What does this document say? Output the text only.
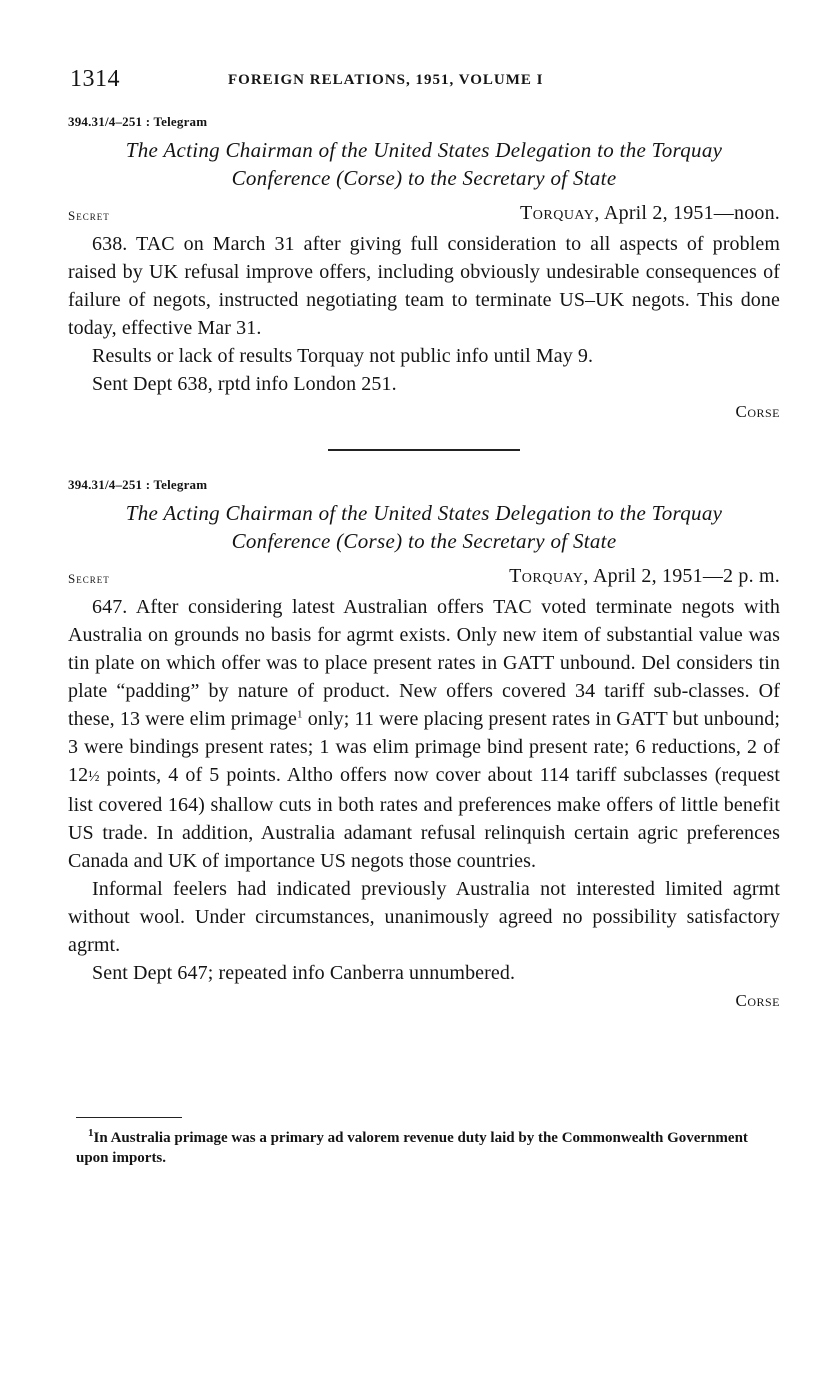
1314	FOREIGN RELATIONS, 1951, VOLUME I
394.31/4–251 : Telegram
The Acting Chairman of the United States Delegation to the Torquay
Conference (Corse) to the Secretary of State
Secret	Torquay, April 2, 1951—noon.

638. TAC on March 31 after giving full consideration to all aspects of problem raised by UK refusal improve offers, including obviously undesirable consequences of failure of negots, instructed negotiating team to terminate US–UK negots. This done today, effective Mar 31.

Results or lack of results Torquay not public info until May 9.

Sent Dept 638, rptd info London 251.

Corse
394.31/4–251 : Telegram
The Acting Chairman of the United States Delegation to the Torquay
Conference (Corse) to the Secretary of State
Secret	Torquay, April 2, 1951—2 p. m.

647. After considering latest Australian offers TAC voted terminate negots with Australia on grounds no basis for agrmt exists. Only new item of substantial value was tin plate on which offer was to place present rates in GATT unbound. Del considers tin plate “padding” by nature of product. New offers covered 34 tariff sub-classes. Of these, 13 were elim primage$^1$ only; 11 were placing present rates in GATT but unbound; 3 were bindings present rates; 1 was elim primage bind present rate; 6 reductions, 2 of 12½ points, 4 of 5 points. Altho offers now cover about 114 tariff subclasses (request list covered 164) shallow cuts in both rates and preferences make offers of little benefit US trade. In addition, Australia adamant refusal relinquish certain agric preferences Canada and UK of importance US negots those countries.

Informal feelers had indicated previously Australia not interested limited agrmt without wool. Under circumstances, unanimously agreed no possibility satisfactory agrmt.

Sent Dept 647; repeated info Canberra unnumbered.

Corse
$^1$In Australia primage was a primary ad valorem revenue duty laid by the Commonwealth Government upon imports.
